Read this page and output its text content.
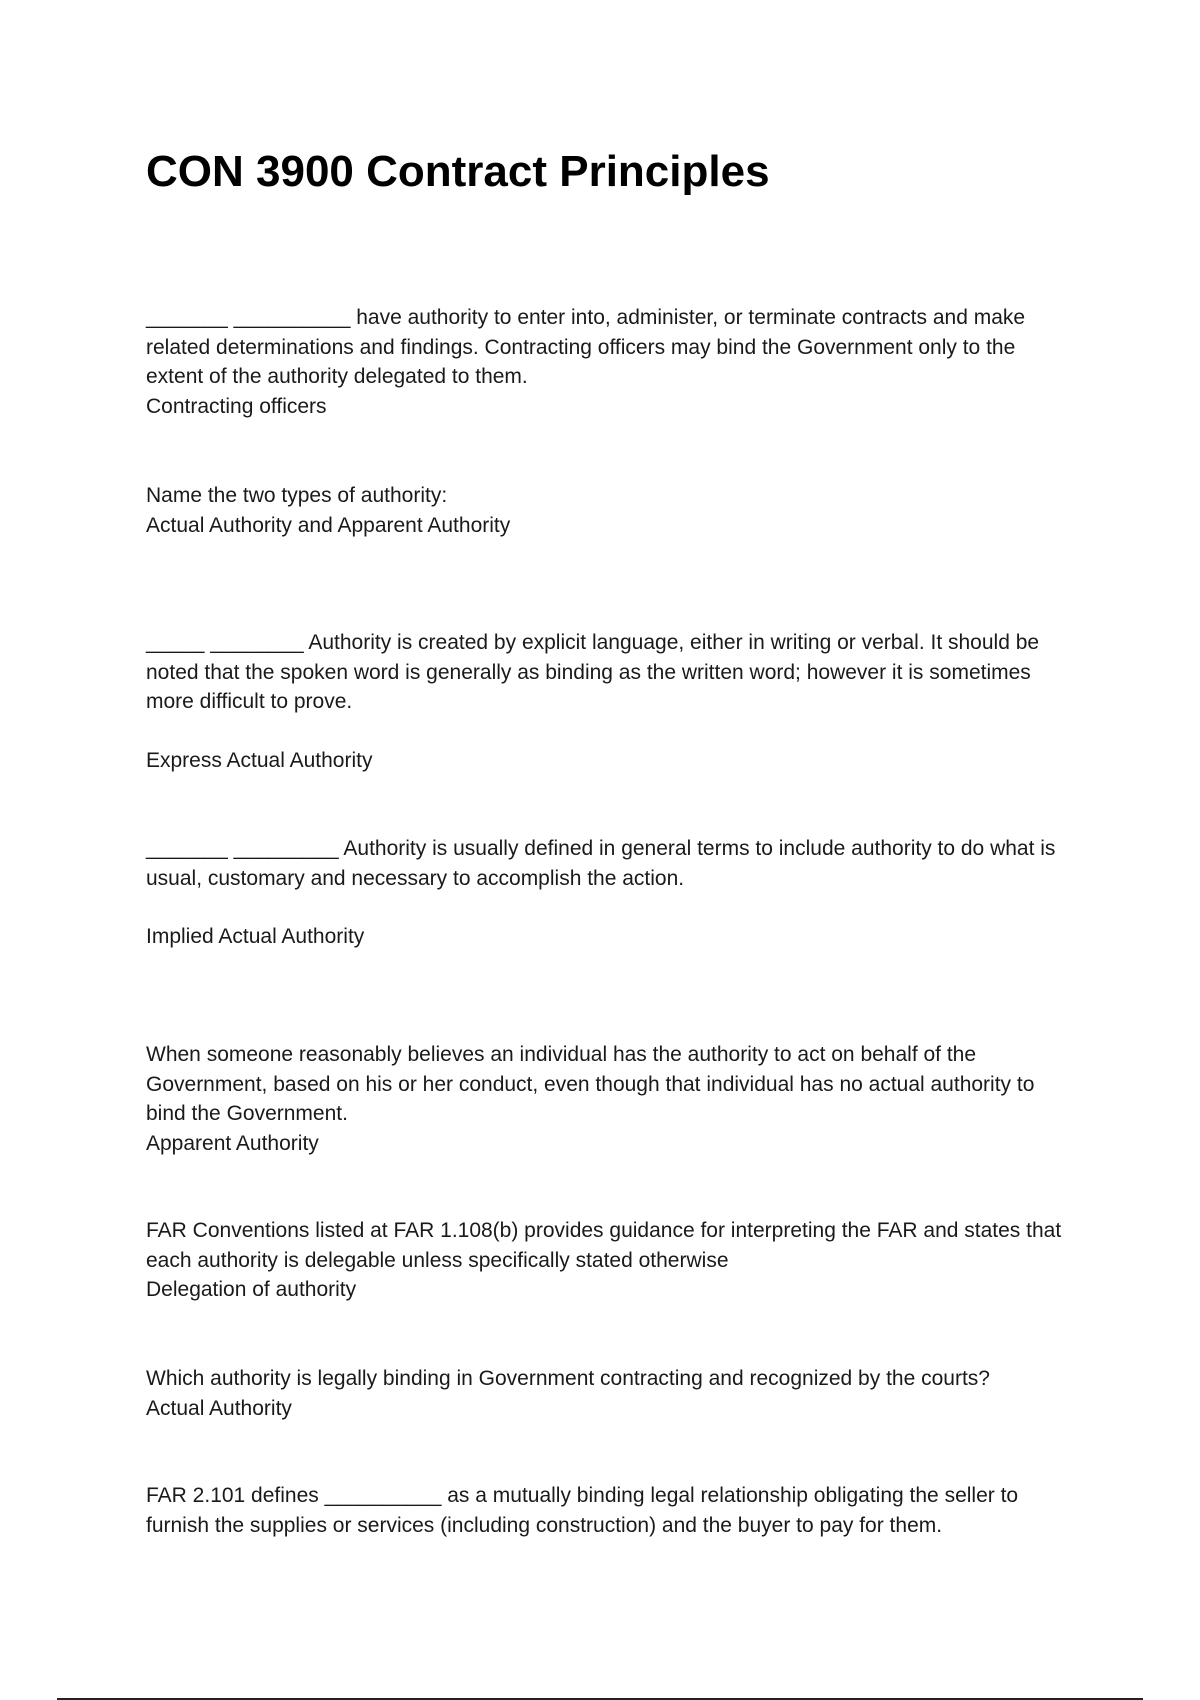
CON 3900 Contract Principles

_______ __________ have authority to enter into, administer, or terminate contracts and make related determinations and findings. Contracting officers may bind the Government only to the extent of the authority delegated to them.

Contracting officers

Name the two types of authority:

Actual Authority and Apparent Authority

_____ ________ Authority is created by explicit language, either in writing or verbal. It should be noted that the spoken word is generally as binding as the written word; however it is sometimes more difficult to prove.

Express Actual Authority

_______ _________ Authority is usually defined in general terms to include authority to do what is usual, customary and necessary to accomplish the action.

Implied Actual Authority

When someone reasonably believes an individual has the authority to act on behalf of the Government, based on his or her conduct, even though that individual has no actual authority to bind the Government.

Apparent Authority

FAR Conventions listed at FAR 1.108(b) provides guidance for interpreting the FAR and states that each authority is delegable unless specifically stated otherwise

Delegation of authority

Which authority is legally binding in Government contracting and recognized by the courts?

Actual Authority

FAR 2.101 defines __________ as a mutually binding legal relationship obligating the seller to furnish the supplies or services (including construction) and the buyer to pay for them.
